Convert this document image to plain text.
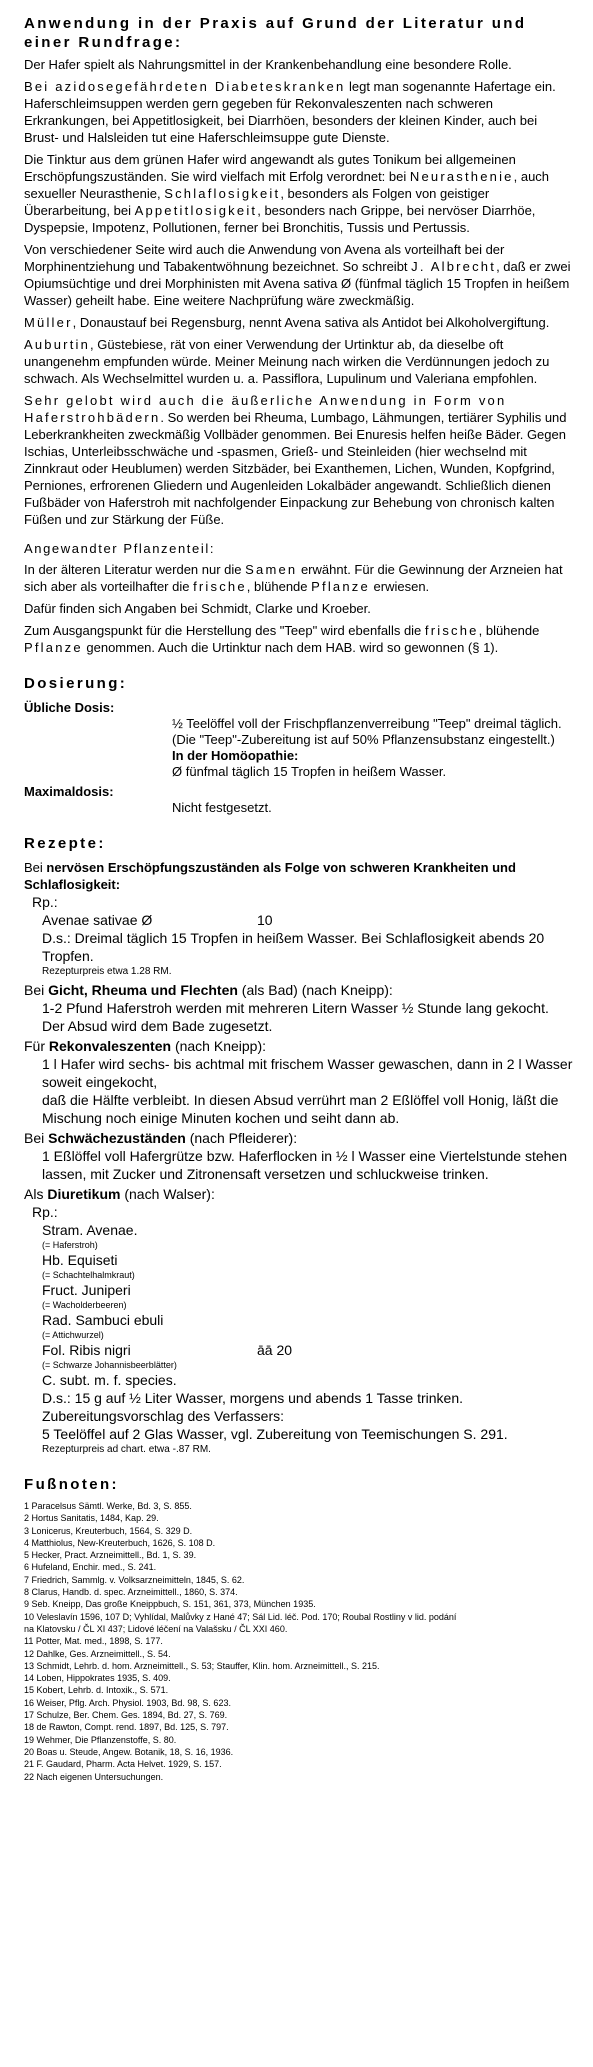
Anwendung in der Praxis auf Grund der Literatur und einer Rundfrage:

Der Hafer spielt als Nahrungsmittel in der Krankenbehandlung eine besondere Rolle.

Bei azidosegefährdeten Diabeteskranken legt man sogenannte Hafertage ein. Haferschleimsuppen werden gern gegeben für Rekonvaleszenten nach schweren Erkrankungen, bei Appetitlosigkeit, bei Diarrhöen, besonders der kleinen Kinder, auch bei Brust- und Halsleiden tut eine Haferschleimsuppe gute Dienste.

Die Tinktur aus dem grünen Hafer wird angewandt als gutes Tonikum bei allgemeinen Erschöpfungszuständen. Sie wird vielfach mit Erfolg verordnet: bei Neurasthenie, auch sexueller Neurasthenie, Schlaflosigkeit, besonders als Folgen von geistiger Überarbeitung, bei Appetitlosigkeit, besonders nach Grippe, bei nervöser Diarrhöe, Dyspepsie, Impotenz, Pollutionen, ferner bei Bronchitis, Tussis und Pertussis.

Von verschiedener Seite wird auch die Anwendung von Avena als vorteilhaft bei der Morphinentziehung und Tabakentwöhnung bezeichnet. So schreibt J. Albrecht, daß er zwei Opiumsüchtige und drei Morphinisten mit Avena sativa Ø (fünfmal täglich 15 Tropfen in heißem Wasser) geheilt habe. Eine weitere Nachprüfung wäre zweckmäßig.

Müller, Donaustauf bei Regensburg, nennt Avena sativa als Antidot bei Alkoholvergiftung.

Auburtin, Güstebiese, rät von einer Verwendung der Urtinktur ab, da dieselbe oft unangenehm empfunden würde. Meiner Meinung nach wirken die Verdünnungen jedoch zu schwach. Als Wechselmittel wurden u. a. Passiflora, Lupulinum und Valeriana empfohlen.

Sehr gelobt wird auch die äußerliche Anwendung in Form von Haferstrohbädern. So werden bei Rheuma, Lumbago, Lähmungen, tertiärer Syphilis und Leberkrankheiten zweckmäßig Vollbäder genommen. Bei Enuresis helfen heiße Bäder. Gegen Ischias, Unterleibsschwäche und -spasmen, Grieß- und Steinleiden (hier wechselnd mit Zinnkraut oder Heublumen) werden Sitzbäder, bei Exanthemen, Lichen, Wunden, Kopfgrind, Perniones, erfrorenen Gliedern und Augenleiden Lokalbäder angewandt. Schließlich dienen Fußbäder von Haferstroh mit nachfolgender Einpackung zur Behebung von chronisch kalten Füßen und zur Stärkung der Füße.

Angewandter Pflanzenteil:

In der älteren Literatur werden nur die Samen erwähnt. Für die Gewinnung der Arzneien hat sich aber als vorteilhafter die frische, blühende Pflanze erwiesen.

Dafür finden sich Angaben bei Schmidt, Clarke und Kroeber.

Zum Ausgangspunkt für die Herstellung des "Teep" wird ebenfalls die frische, blühende Pflanze genommen. Auch die Urtinktur nach dem HAB. wird so gewonnen (§ 1).

Dosierung:
Übliche Dosis:
½ Teelöffel voll der Frischpflanzenverreibung "Teep" dreimal täglich.
(Die "Teep"-Zubereitung ist auf 50% Pflanzensubstanz eingestellt.)
In der Homöopathie:
Ø fünfmal täglich 15 Tropfen in heißem Wasser.
Maximaldosis:
Nicht festgesetzt.
Rezepte:
Bei nervösen Erschöpfungszuständen als Folge von schweren Krankheiten und Schlaflosigkeit:
Rp.:
Avenae sativae Ø	10
D.s.: Dreimal täglich 15 Tropfen in heißem Wasser. Bei Schlaflosigkeit abends 20 Tropfen.
Rezepturpreis etwa 1.28 RM.
Bei Gicht, Rheuma und Flechten (als Bad) (nach Kneipp):
1-2 Pfund Haferstroh werden mit mehreren Litern Wasser ½ Stunde lang gekocht. Der Absud wird dem Bade zugesetzt.
Für Rekonvaleszenten (nach Kneipp):
1 l Hafer wird sechs- bis achtmal mit frischem Wasser gewaschen, dann in 2 l Wasser soweit eingekocht,
daß die Hälfte verbleibt. In diesen Absud verrührt man 2 Eßlöffel voll Honig, läßt die Mischung noch einige Minuten kochen und seiht dann ab.
Bei Schwächezuständen (nach Pfleiderer):
1 Eßlöffel voll Hafergrütze bzw. Haferflocken in ½ l Wasser eine Viertelstunde stehen lassen, mit Zucker und Zitronensaft versetzen und schluckweise trinken.
Als Diuretikum (nach Walser):
Rp.:
Stram. Avenae.
(= Haferstroh)
Hb. Equiseti
(= Schachtelhalmkraut)
Fruct. Juniperi
(= Wacholderbeeren)
Rad. Sambuci ebuli
(= Attichwurzel)
Fol. Ribis nigri	āā 20
(= Schwarze Johannisbeerblätter)
C. subt. m. f. species.
D.s.: 15 g auf ½ Liter Wasser, morgens und abends 1 Tasse trinken.
Zubereitungsvorschlag des Verfassers:
5 Teelöffel auf 2 Glas Wasser, vgl. Zubereitung von Teemischungen S. 291.
Rezepturpreis ad chart. etwa -.87 RM.
Fußnoten:
1 Paracelsus Sämtl. Werke, Bd. 3, S. 855.
2 Hortus Sanitatis, 1484, Kap. 29.
3 Lonicerus, Kreuterbuch, 1564, S. 329 D.
4 Matthiolus, New-Kreuterbuch, 1626, S. 108 D.
5 Hecker, Pract. Arzneimittell., Bd. 1, S. 39.
6 Hufeland, Enchir. med., S. 241.
7 Friedrich, Sammlg. v. Volksarzneimitteln, 1845, S. 62.
8 Clarus, Handb. d. spec. Arzneimittell., 1860, S. 374.
9 Seb. Kneipp, Das große Kneippbuch, S. 151, 361, 373, München 1935.
10 Veleslavín 1596, 107 D; Vyhlídal, Malůvky z Hané 47; Sál Lid. léč. Pod. 170; Roubal Rostliny v lid. podání
na Klatovsku / ČL XI 437; Lidové léčení na Valašsku / ČL XXI 460.
11 Potter, Mat. med., 1898, S. 177.
12 Dahlke, Ges. Arzneimittell., S. 54.
13 Schmidt, Lehrb. d. hom. Arzneimittell., S. 53; Stauffer, Klin. hom. Arzneimittell., S. 215.
14 Loben, Hippokrates 1935, S. 409.
15 Kobert, Lehrb. d. Intoxik., S. 571.
16 Weiser, Pflg. Arch. Physiol. 1903, Bd. 98, S. 623.
17 Schulze, Ber. Chem. Ges. 1894, Bd. 27, S. 769.
18 de Rawton, Compt. rend. 1897, Bd. 125, S. 797.
19 Wehmer, Die Pflanzenstoffe, S. 80.
20 Boas u. Steude, Angew. Botanik, 18, S. 16, 1936.
21 F. Gaudard, Pharm. Acta Helvet. 1929, S. 157.
22 Nach eigenen Untersuchungen.
